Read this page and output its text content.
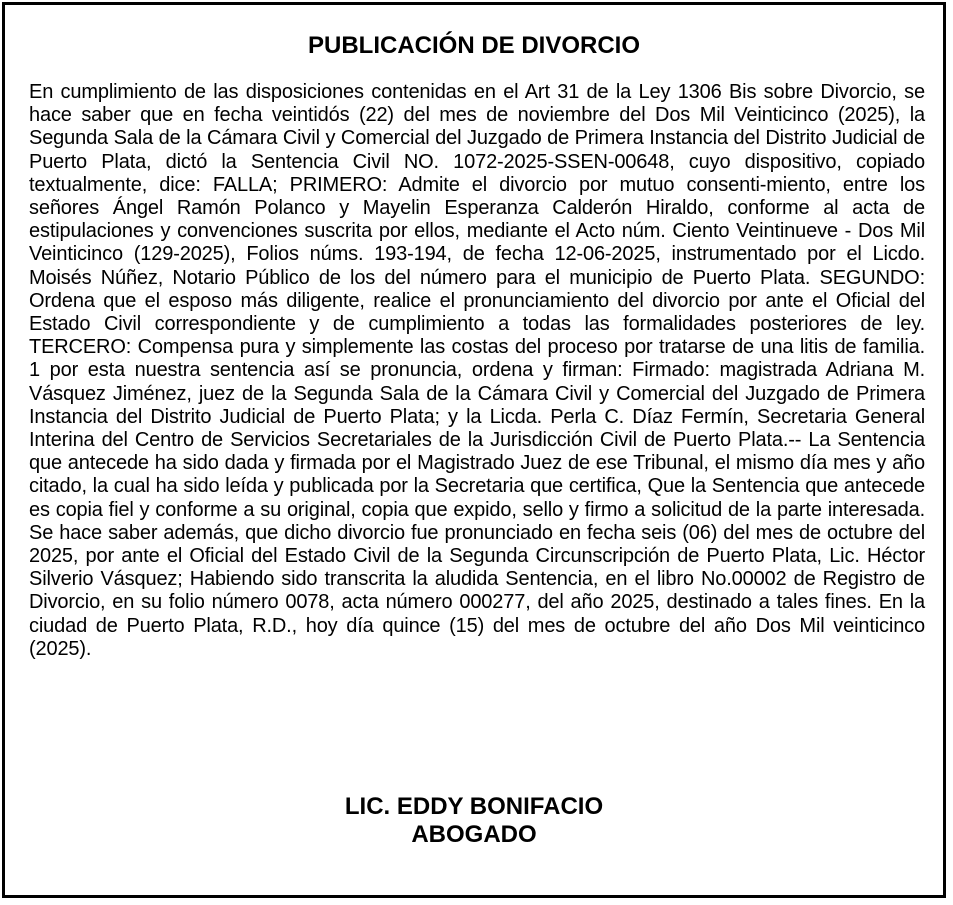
PUBLICACIÓN DE DIVORCIO

En cumplimiento de las disposiciones contenidas en el Art 31 de la Ley 1306 Bis sobre Divorcio, se hace saber que en fecha veintidós (22) del mes de noviembre del Dos Mil Veinticinco (2025), la Segunda Sala de la Cámara Civil y Comercial del Juzgado de Primera Instancia del Distrito Judicial de Puerto Plata, dictó la Sentencia Civil NO. 1072-2025-SSEN-00648, cuyo dispositivo, copiado textualmente, dice: FALLA; PRIMERO: Admite el divorcio por mutuo consenti-miento, entre los señores Ángel Ramón Polanco y Mayelin Esperanza Calderón Hiraldo, conforme al acta de estipulaciones y convenciones suscrita por ellos, mediante el Acto núm. Ciento Veintinueve - Dos Mil Veinticinco (129-2025), Folios núms. 193-194, de fecha 12-06-2025, instrumentado por el Licdo. Moisés Núñez, Notario Público de los del número para el municipio de Puerto Plata. SEGUNDO: Ordena que el esposo más diligente, realice el pronunciamiento del divorcio por ante el Oficial del Estado Civil correspondiente y de cumplimiento a todas las formalidades posteriores de ley. TERCERO: Compensa pura y simplemente las costas del proceso por tratarse de una litis de familia. 1 por esta nuestra sentencia así se pronuncia, ordena y firman: Firmado: magistrada Adriana M. Vásquez Jiménez, juez de la Segunda Sala de la Cámara Civil y Comercial del Juzgado de Primera Instancia del Distrito Judicial de Puerto Plata; y la Licda. Perla C. Díaz Fermín, Secretaria General Interina del Centro de Servicios Secretariales de la Jurisdicción Civil de Puerto Plata.-- La Sentencia que antecede ha sido dada y firmada por el Magistrado Juez de ese Tribunal, el mismo día mes y año citado, la cual ha sido leída y publicada por la Secretaria que certifica, Que la Sentencia que antecede es copia fiel y conforme a su original, copia que expido, sello y firmo a solicitud de la parte interesada. Se hace saber además, que dicho divorcio fue pronunciado en fecha seis (06) del mes de octubre del 2025, por ante el Oficial del Estado Civil de la Segunda Circunscripción de Puerto Plata, Lic. Héctor Silverio Vásquez; Habiendo sido transcrita la aludida Sentencia, en el libro No.00002 de Registro de Divorcio, en su folio número 0078, acta número 000277, del año 2025, destinado a tales fines. En la ciudad de Puerto Plata, R.D., hoy día quince (15) del mes de octubre del año Dos Mil veinticinco (2025).

LIC. EDDY BONIFACIO
ABOGADO
